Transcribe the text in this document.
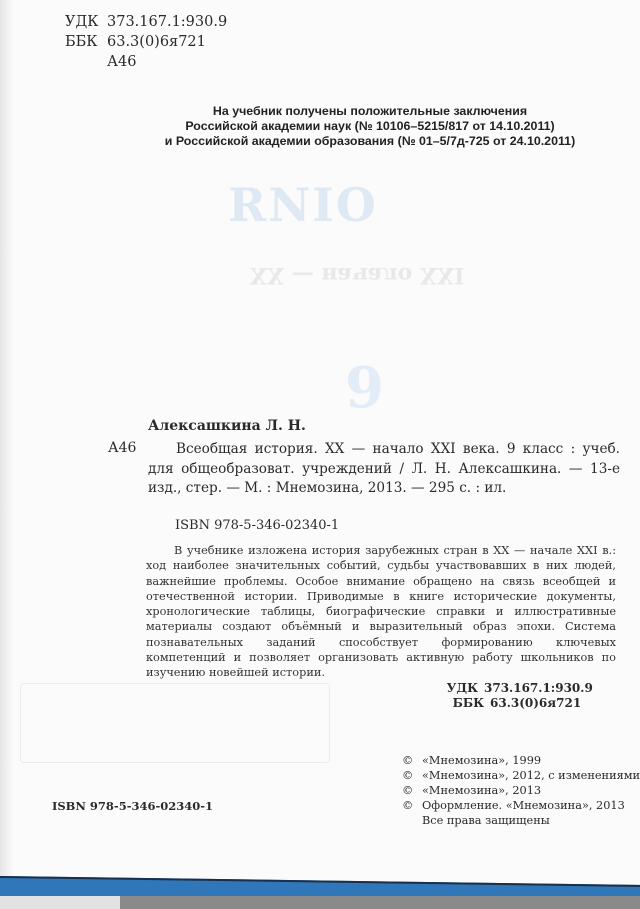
RNIO
XX — начало XXI
9
УДК 373.167.1:930.9
ББК 63.3(0)6я721
А46
На учебник получены положительные заключения
Российской академии наук (№ 10106–5215/817 от 14.10.2011)
и Российской академии образования (№ 01–5/7д-725 от 24.10.2011)
Алексашкина Л. Н.
А46	Всеобщая история. XX — начало XXI века. 9 класс : учеб. для общеобразоват. учреждений / Л. Н. Алексашкина. — 13-е изд., стер. — М. : Мнемозина, 2013. — 295 с. : ил.
ISBN 978-5-346-02340-1

В учебнике изложена история зарубежных стран в XX — начале XXI в.: ход наиболее значительных событий, судьбы участвовавших в них людей, важнейшие проблемы. Особое внимание обращено на связь всеобщей и отечественной истории. Приводимые в книге исторические документы, хронологические таблицы, биографические справки и иллюстративные материалы создают объёмный и выразительный образ эпохи. Система познавательных заданий способствует формированию ключевых компетенций и позволяет организовать активную работу школьников по изучению новейшей истории.

УДК 373.167.1:930.9
ББК 63.3(0)6я721
© «Мнемозина», 1999
© «Мнемозина», 2012, с изменениями
© «Мнемозина», 2013
© Оформление. «Мнемозина», 2013
Все права защищены
ISBN 978-5-346-02340-1
